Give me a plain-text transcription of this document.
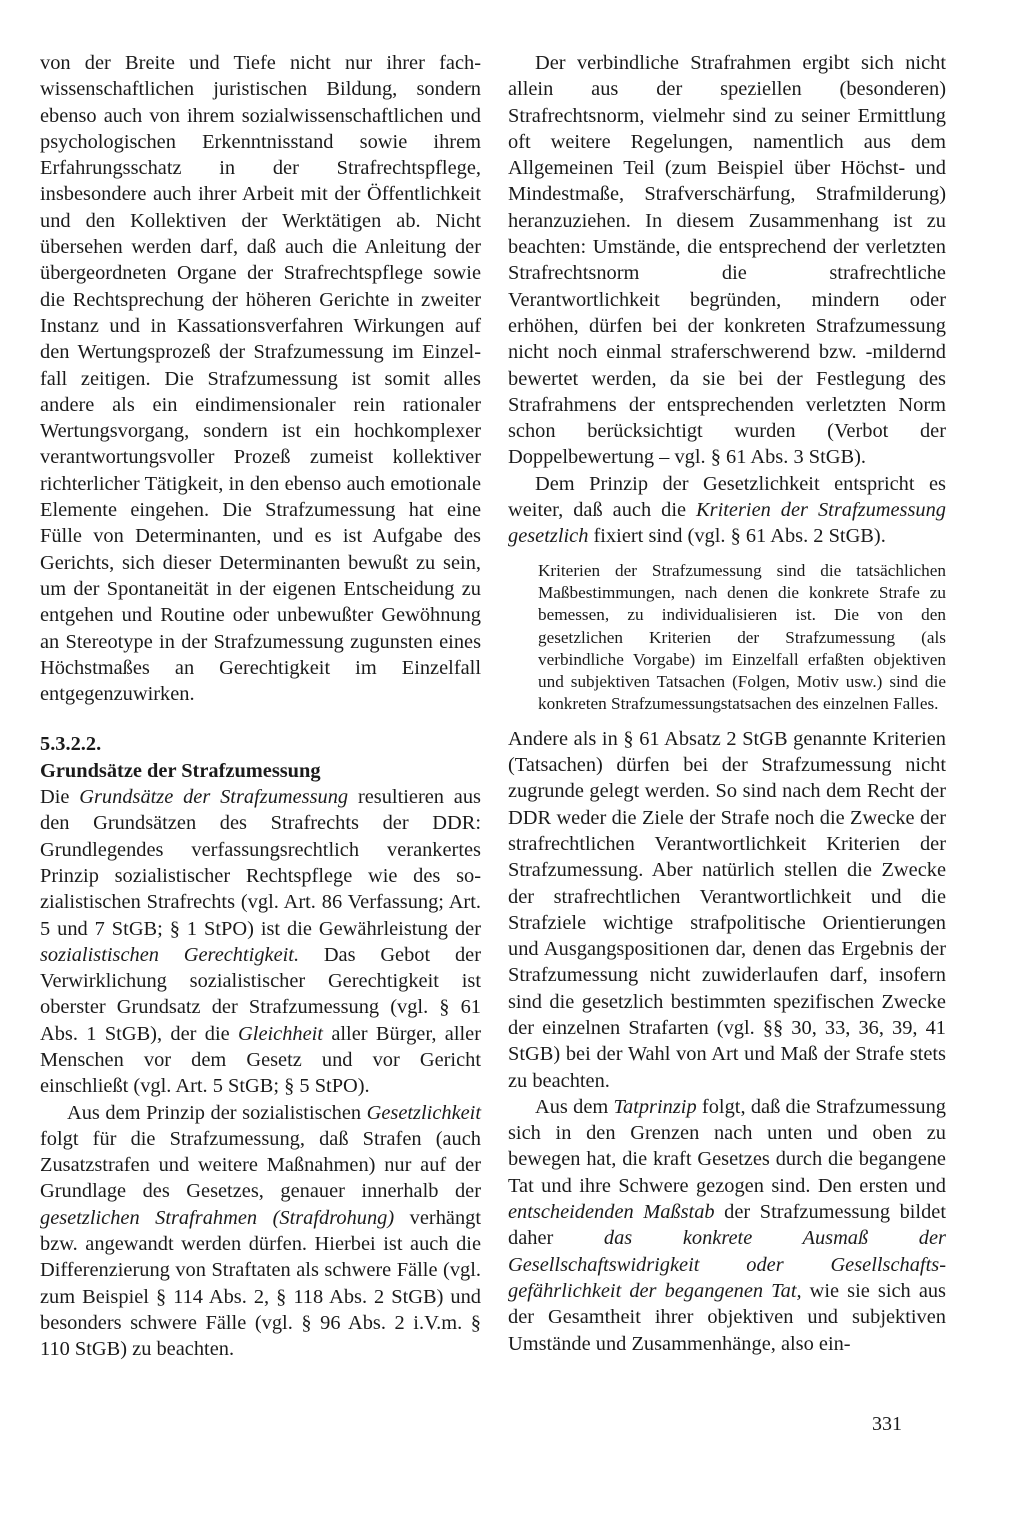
von der Breite und Tiefe nicht nur ihrer fachwissenschaftlichen juristischen Bildung, sondern ebenso auch von ihrem sozialwissenschaftlichen und psychologischen Erkenntnisstand sowie ihrem Erfahrungsschatz in der Strafrechtspflege, insbesondere auch ihrer Arbeit mit der Öffentlichkeit und den Kollektiven der Werktätigen ab. Nicht übersehen werden darf, daß auch die Anleitung der übergeordneten Organe der Strafrechtspflege sowie die Rechtsprechung der höheren Gerichte in zweiter Instanz und in Kassationsverfahren Wirkungen auf den Wertungsprozeß der Strafzumessung im Einzelfall zeitigen. Die Strafzumessung ist somit alles andere als ein eindimensionaler rein rationaler Wertungsvorgang, sondern ist ein hochkomplexer verantwortungsvoller Prozeß zumeist kollektiver richterlicher Tätigkeit, in den ebenso auch emotionale Elemente eingehen. Die Strafzumessung hat eine Fülle von Determinanten, und es ist Aufgabe des Gerichts, sich dieser Determinanten bewußt zu sein, um der Spontaneität in der eigenen Entscheidung zu entgehen und Routine oder unbewußter Gewöhnung an Stereotype in der Strafzumessung zugunsten eines Höchstmaßes an Gerechtigkeit im Einzelfall entgegenzuwirken.

5.3.2.2.
Grundsätze der Strafzumessung

Die Grundsätze der Strafzumessung resultieren aus den Grundsätzen des Strafrechts der DDR: Grundlegendes verfassungsrechtlich verankertes Prinzip sozialistischer Rechtspflege wie des sozialistischen Strafrechts (vgl. Art. 86 Verfassung; Art. 5 und 7 StGB; § 1 StPO) ist die Gewährleistung der sozialistischen Gerechtigkeit. Das Gebot der Verwirklichung sozialistischer Gerechtigkeit ist oberster Grundsatz der Strafzumessung (vgl. § 61 Abs. 1 StGB), der die Gleichheit aller Bürger, aller Menschen vor dem Gesetz und vor Gericht einschließt (vgl. Art. 5 StGB; § 5 StPO).

Aus dem Prinzip der sozialistischen Gesetzlichkeit folgt für die Strafzumessung, daß Strafen (auch Zusatzstrafen und weitere Maßnahmen) nur auf der Grundlage des Gesetzes, genauer innerhalb der gesetzlichen Strafrahmen (Strafdrohung) verhängt bzw. angewandt werden dürfen. Hierbei ist auch die Differenzierung von Straftaten als schwere Fälle (vgl. zum Beispiel § 114 Abs. 2, § 118 Abs. 2 StGB) und besonders schwere Fälle (vgl. § 96 Abs. 2 i.V.m. § 110 StGB) zu beachten.

Der verbindliche Strafrahmen ergibt sich nicht allein aus der speziellen (besonderen) Strafrechtsnorm, vielmehr sind zu seiner Ermittlung oft weitere Regelungen, namentlich aus dem Allgemeinen Teil (zum Beispiel über Höchst- und Mindestmaße, Strafverschärfung, Strafmilderung) heranzuziehen. In diesem Zusammenhang ist zu beachten: Umstände, die entsprechend der verletzten Strafrechtsnorm die strafrechtliche Verantwortlichkeit begründen, mindern oder erhöhen, dürfen bei der konkreten Strafzumessung nicht noch einmal straferschwerend bzw. -mildernd bewertet werden, da sie bei der Festlegung des Strafrahmens der entsprechenden verletzten Norm schon berücksichtigt wurden (Verbot der Doppelbewertung – vgl. § 61 Abs. 3 StGB).

Dem Prinzip der Gesetzlichkeit entspricht es weiter, daß auch die Kriterien der Strafzumessung gesetzlich fixiert sind (vgl. § 61 Abs. 2 StGB).

Kriterien der Strafzumessung sind die tatsächlichen Maßbestimmungen, nach denen die konkrete Strafe zu bemessen, zu individualisieren ist. Die von den gesetzlichen Kriterien der Strafzumessung (als verbindliche Vorgabe) im Einzelfall erfaßten objektiven und subjektiven Tatsachen (Folgen, Motiv usw.) sind die konkreten Strafzumessungstatsachen des einzelnen Falles.

Andere als in § 61 Absatz 2 StGB genannte Kriterien (Tatsachen) dürfen bei der Strafzumessung nicht zugrunde gelegt werden. So sind nach dem Recht der DDR weder die Ziele der Strafe noch die Zwecke der strafrechtlichen Verantwortlichkeit Kriterien der Strafzumessung. Aber natürlich stellen die Zwecke der strafrechtlichen Verantwortlichkeit und die Strafziele wichtige strafpolitische Orientierungen und Ausgangspositionen dar, denen das Ergebnis der Strafzumessung nicht zuwiderlaufen darf, insofern sind die gesetzlich bestimmten spezifischen Zwecke der einzelnen Strafarten (vgl. §§ 30, 33, 36, 39, 41 StGB) bei der Wahl von Art und Maß der Strafe stets zu beachten.

Aus dem Tatprinzip folgt, daß die Strafzumessung sich in den Grenzen nach unten und oben zu bewegen hat, die kraft Gesetzes durch die begangene Tat und ihre Schwere gezogen sind. Den ersten und entscheidenden Maßstab der Strafzumessung bildet daher das konkrete Ausmaß der Gesellschaftswidrigkeit oder Gesellschaftsgefährlichkeit der begangenen Tat, wie sie sich aus der Gesamtheit ihrer objektiven und subjektiven Umstände und Zusammenhänge, also ein-

331
